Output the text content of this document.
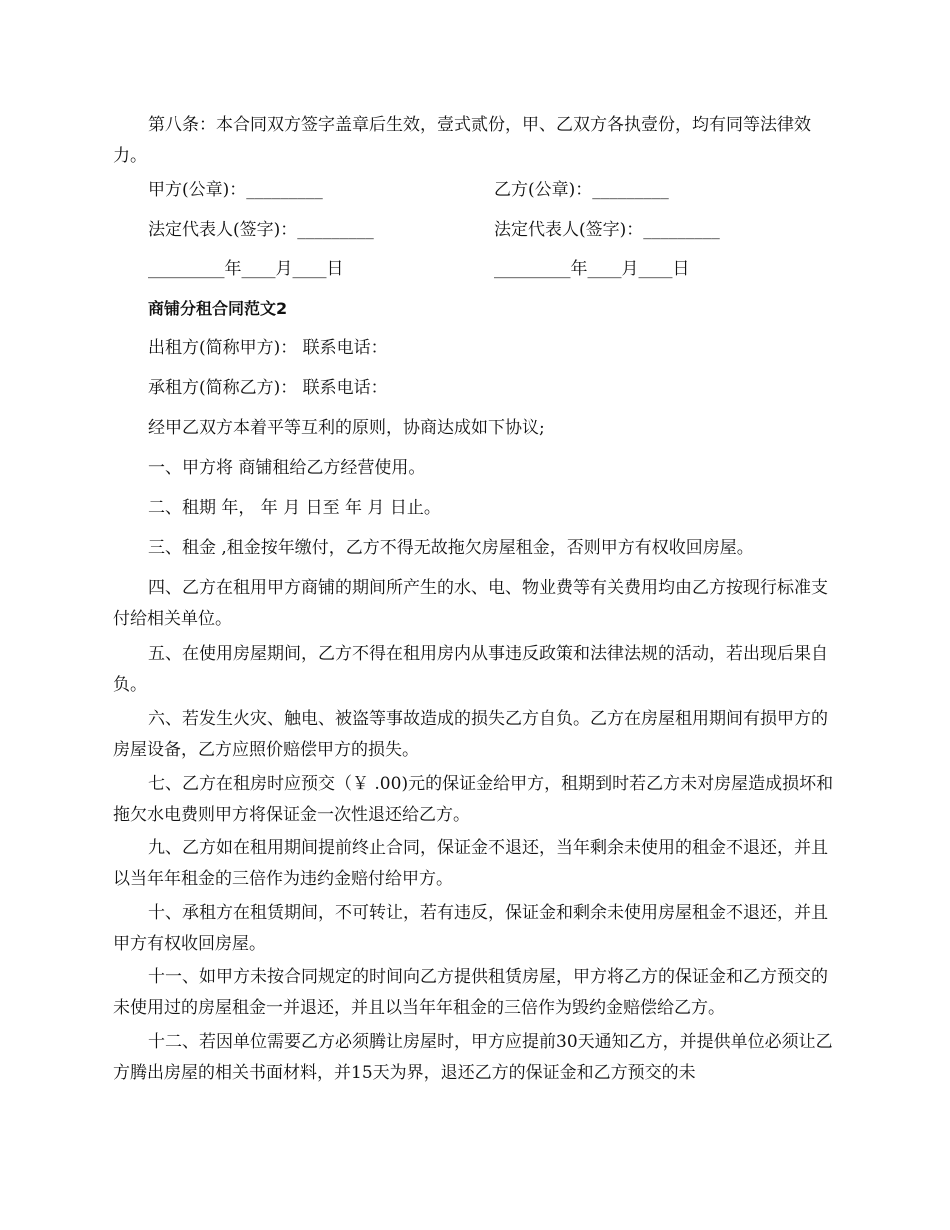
第八条：本合同双方签字盖章后生效，壹式贰份，甲、乙双方各执壹份，均有同等法律效力。

甲方(公章)：_________	乙方(公章)：_________

法定代表人(签字)：_________	法定代表人(签字)：_________

_________年____月____日	_________年____月____日

商铺分租合同范文2

出租方(简称甲方)： 联系电话：

承租方(简称乙方)： 联系电话：

经甲乙双方本着平等互利的原则，协商达成如下协议;

一、甲方将 商铺租给乙方经营使用。

二、租期 年， 年 月 日至 年 月 日止。

三、租金 ,租金按年缴付，乙方不得无故拖欠房屋租金，否则甲方有权收回房屋。

四、乙方在租用甲方商铺的期间所产生的水、电、物业费等有关费用均由乙方按现行标准支付给相关单位。

五、在使用房屋期间，乙方不得在租用房内从事违反政策和法律法规的活动，若出现后果自负。

六、若发生火灾、触电、被盗等事故造成的损失乙方自负。乙方在房屋租用期间有损甲方的房屋设备，乙方应照价赔偿甲方的损失。

七、乙方在租房时应预交（￥ .00)元的保证金给甲方，租期到时若乙方未对房屋造成损坏和拖欠水电费则甲方将保证金一次性退还给乙方。

九、乙方如在租用期间提前终止合同，保证金不退还，当年剩余未使用的租金不退还，并且以当年年租金的三倍作为违约金赔付给甲方。

十、承租方在租赁期间，不可转让，若有违反，保证金和剩余未使用房屋租金不退还，并且甲方有权收回房屋。

十一、如甲方未按合同规定的时间向乙方提供租赁房屋，甲方将乙方的保证金和乙方预交的未使用过的房屋租金一并退还，并且以当年年租金的三倍作为毁约金赔偿给乙方。

十二、若因单位需要乙方必须腾让房屋时，甲方应提前30天通知乙方，并提供单位必须让乙方腾出房屋的相关书面材料，并15天为界，退还乙方的保证金和乙方预交的未
